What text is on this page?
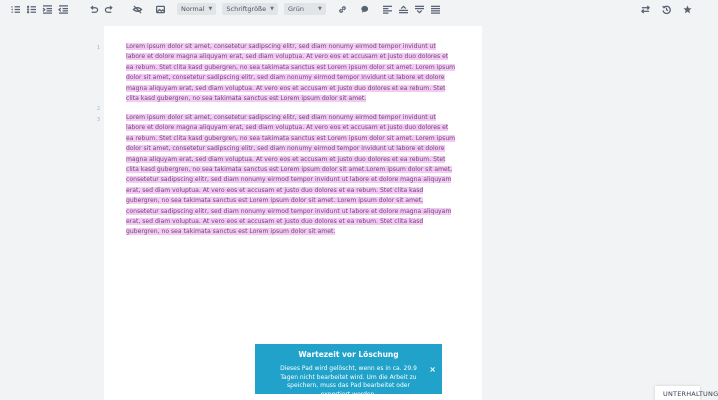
Normal ▼ Schriftgröße ▼ Grün	▼
1
2
3
Lorem ipsum dolor sit amet, consetetur sadipscing elitr, sed diam nonumy eirmod tempor invidunt ut labore et dolore magna aliquyam erat, sed diam voluptua. At vero eos et accusam et justo duo dolores et ea rebum. Stet clita kasd gubergren, no sea takimata sanctus est Lorem ipsum dolor sit amet. Lorem ipsum dolor sit amet, consetetur sadipscing elitr, sed diam nonumy eirmod tempor invidunt ut labore et dolore magna aliquyam erat, sed diam voluptua. At vero eos et accusam et justo duo dolores et ea rebum. Stet clita kasd gubergren, no sea takimata sanctus est Lorem ipsum dolor sit amet.
Lorem ipsum dolor sit amet, consetetur sadipscing elitr, sed diam nonumy eirmod tempor invidunt ut labore et dolore magna aliquyam erat, sed diam voluptua. At vero eos et accusam et justo duo dolores et ea rebum. Stet clita kasd gubergren, no sea takimata sanctus est Lorem ipsum dolor sit amet. Lorem ipsum dolor sit amet, consetetur sadipscing elitr, sed diam nonumy eirmod tempor invidunt ut labore et dolore magna aliquyam erat, sed diam voluptua. At vero eos et accusam et justo duo dolores et ea rebum. Stet clita kasd gubergren, no sea takimata sanctus est Lorem ipsum dolor sit amet.Lorem ipsum dolor sit amet, consetetur sadipscing elitr, sed diam nonumy eirmod tempor invidunt ut labore et dolore magna aliquyam erat, sed diam voluptua. At vero eos et accusam et justo duo dolores et ea rebum. Stet clita kasd gubergren, no sea takimata sanctus est Lorem ipsum dolor sit amet. Lorem ipsum dolor sit amet, consetetur sadipscing elitr, sed diam nonumy eirmod tempor invidunt ut labore et dolore magna aliquyam erat, sed diam voluptua. At vero eos et accusam et justo duo dolores et ea rebum. Stet clita kasd gubergren, no sea takimata sanctus est Lorem ipsum dolor sit amet.
Wartezeit vor Löschung
Dieses Pad wird gelöscht, wenn es in ca. 29.9 Tagen nicht bearbeitet wird. Um die Arbeit zu speichern, muss das Pad bearbeitet oder exportiert werden.
×
UNTERHALTUNG
